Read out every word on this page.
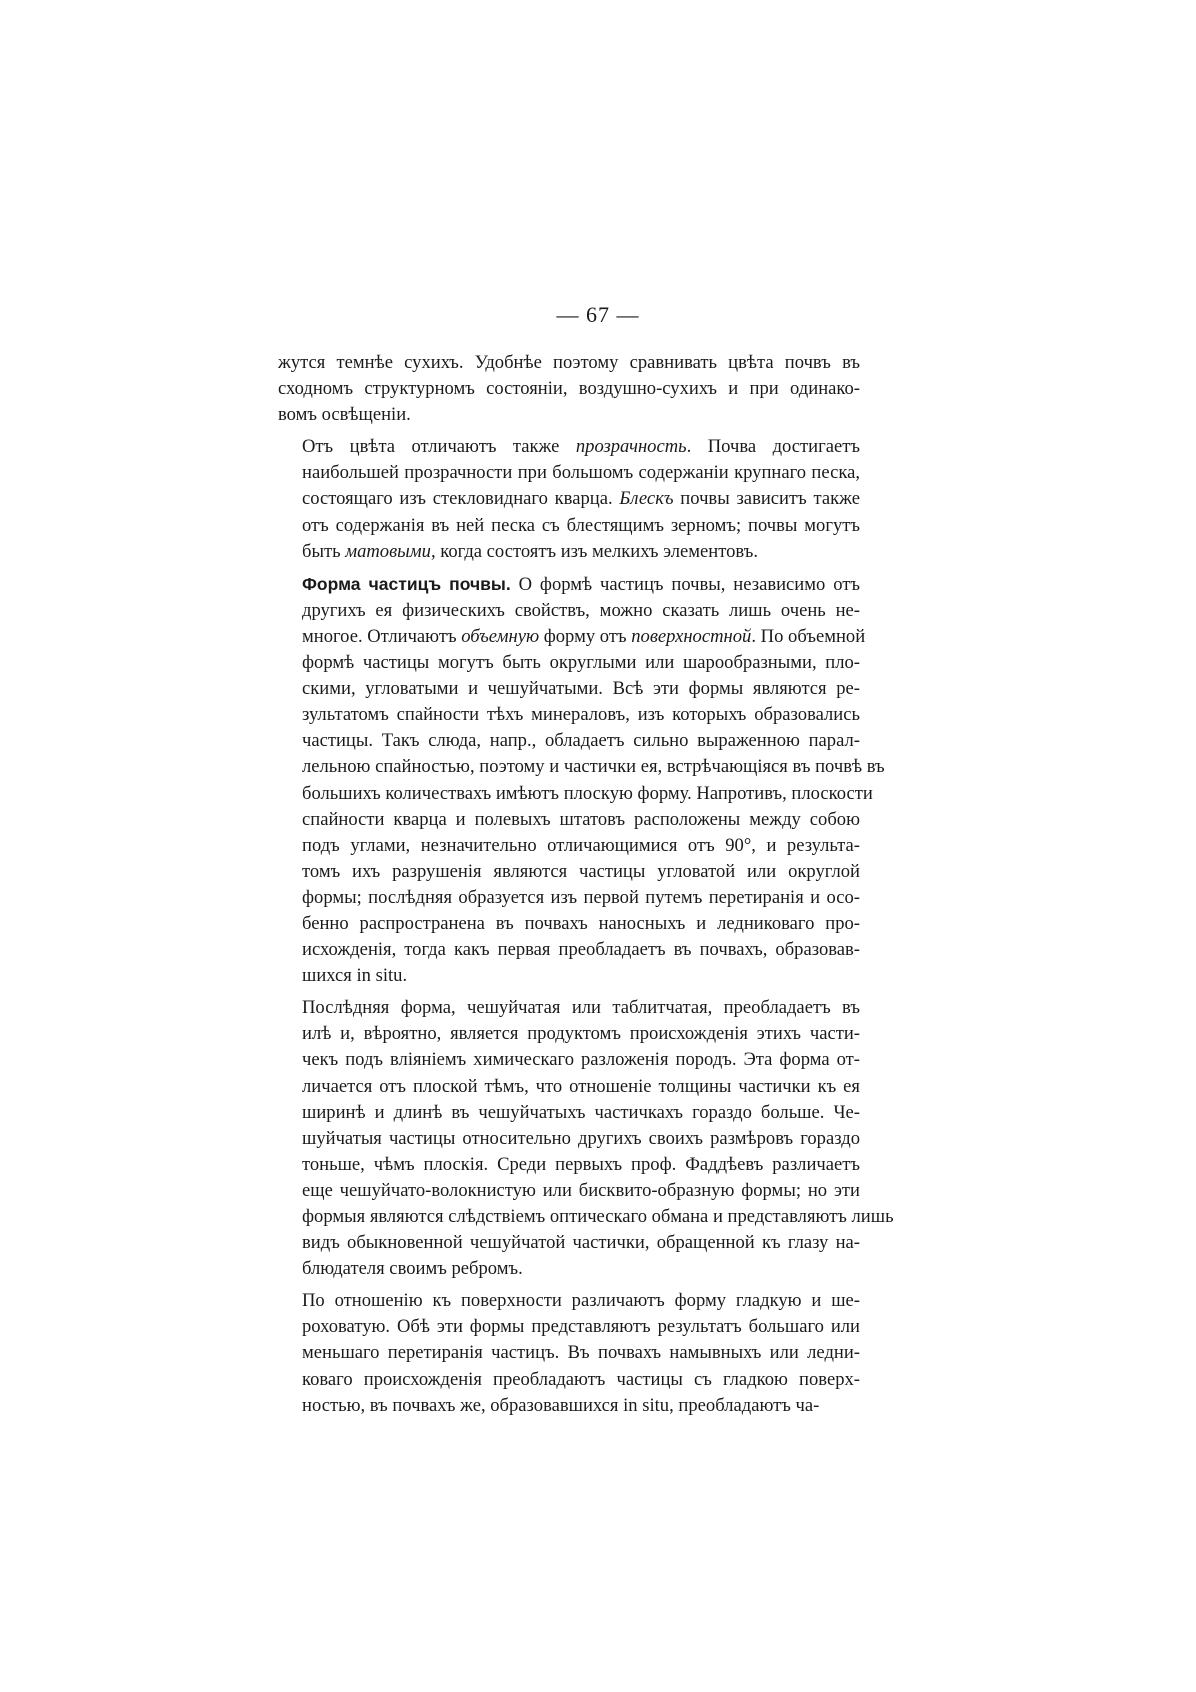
— 67 —
жутся темнѣе сухихъ. Удобнѣе поэтому сравнивать цвѣта почвъ въ
сходномъ структурномъ состояніи, воздушно-сухихъ и при одинако-
вомъ освѣщеніи.
Отъ цвѣта отличаютъ также прозрачность. Почва достигаетъ
наибольшей прозрачности при большомъ содержаніи крупнаго песка,
состоящаго изъ стекловиднаго кварца. Блескъ почвы зависитъ также
отъ содержанія въ ней песка съ блестящимъ зерномъ; почвы могутъ
быть матовыми, когда состоятъ изъ мелкихъ элементовъ.
Форма частицъ почвы. О формѣ частицъ почвы, независимо отъ
другихъ ея физическихъ свойствъ, можно сказать лишь очень не-
многое. Отличаютъ объемную форму отъ поверхностной. По объемной
формѣ частицы могутъ быть округлыми или шарообразными, пло-
скими, угловатыми и чешуйчатыми. Всѣ эти формы являются ре-
зультатомъ спайности тѣхъ минераловъ, изъ которыхъ образовались
частицы. Такъ слюда, напр., обладаетъ сильно выраженною парал-
лельною спайностью, поэтому и частички ея, встрѣчающіяся въ почвѣ въ
большихъ количествахъ имѣютъ плоскую форму. Напротивъ, плоскости
спайности кварца и полевыхъ штатовъ расположены между собою
подъ углами, незначительно отличающимися отъ 90°, и результа-
томъ ихъ разрушенія являются частицы угловатой или округлой
формы; послѣдняя образуется изъ первой путемъ перетиранія и осо-
бенно распространена въ почвахъ наносныхъ и ледниковаго про-
исхожденія, тогда какъ первая преобладаетъ въ почвахъ, образовав-
шихся in situ.
Послѣдняя форма, чешуйчатая или таблитчатая, преобладаетъ въ
илѣ и, вѣроятно, является продуктомъ происхожденія этихъ части-
чекъ подъ вліяніемъ химическаго разложенія породъ. Эта форма от-
личается отъ плоской тѣмъ, что отношеніе толщины частички къ ея
ширинѣ и длинѣ въ чешуйчатыхъ частичкахъ гораздо больше. Че-
шуйчатыя частицы относительно другихъ своихъ размѣровъ гораздо
тоньше, чѣмъ плоскія. Среди первыхъ проф. Фаддѣевъ различаетъ
еще чешуйчато-волокнистую или бисквито-образную формы; но эти
формыя являются слѣдствіемъ оптическаго обмана и представляютъ лишь
видъ обыкновенной чешуйчатой частички, обращенной къ глазу на-
блюдателя своимъ ребромъ.
По отношенію къ поверхности различаютъ форму гладкую и ше-
роховатую. Обѣ эти формы представляютъ результатъ большаго или
меньшаго перетиранія частицъ. Въ почвахъ намывныхъ или ледни-
коваго происхожденія преобладаютъ частицы съ гладкою поверх-
ностью, въ почвахъ же, образовавшихся in situ, преобладаютъ ча-
